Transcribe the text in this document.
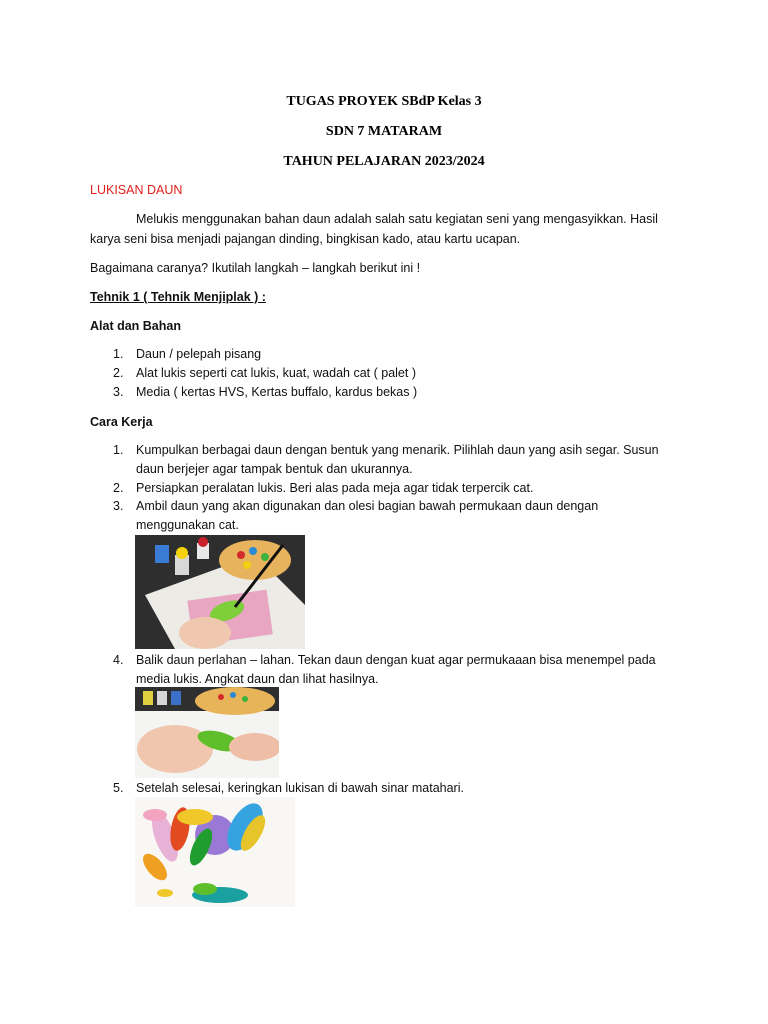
TUGAS PROYEK SBdP Kelas 3
SDN 7 MATARAM
TAHUN PELAJARAN 2023/2024
LUKISAN DAUN
Melukis menggunakan bahan daun adalah salah satu kegiatan seni yang mengasyikkan. Hasil
karya seni bisa menjadi pajangan dinding, bingkisan kado, atau kartu ucapan.
Bagaimana caranya? Ikutilah langkah – langkah berikut ini !
Tehnik 1 ( Tehnik Menjiplak ) :
Alat dan Bahan
1. Daun / pelepah pisang
2. Alat lukis seperti cat lukis, kuat, wadah cat ( palet )
3. Media ( kertas HVS, Kertas buffalo, kardus bekas )
Cara Kerja
1. Kumpulkan berbagai daun dengan bentuk yang menarik. Pilihlah daun yang asih segar. Susun
daun berjejer agar tampak bentuk dan ukurannya.
2. Persiapkan peralatan lukis. Beri alas pada meja agar tidak terpercik cat.
3. Ambil daun yang akan digunakan dan olesi bagian bawah permukaan daun dengan
menggunakan cat.
4. Balik daun perlahan – lahan. Tekan daun dengan kuat agar permukaaan bisa menempel pada
media lukis. Angkat daun dan lihat hasilnya.
5. Setelah selesai, keringkan lukisan di bawah sinar matahari.
